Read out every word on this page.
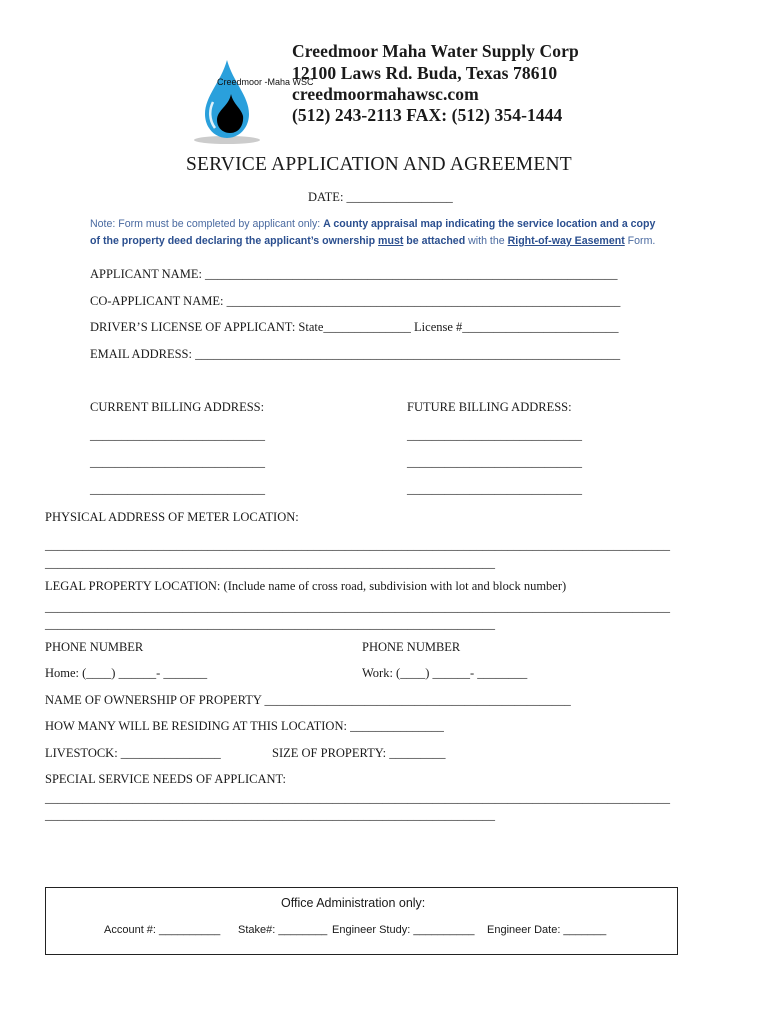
Creedmoor -Maha WSC

Creedmoor Maha Water Supply Corp
12100 Laws Rd. Buda, Texas 78610
creedmoormahawsc.com
(512) 243-2113 FAX: (512) 354-1444
SERVICE APPLICATION AND AGREEMENT
DATE: _________________
Note: Form must be completed by applicant only: A county appraisal map indicating the service location and a copy
of the property deed declaring the applicant’s ownership must be attached with the Right-of-way Easement Form.
APPLICANT NAME: __________________________________________________________________
CO-APPLICANT NAME: _______________________________________________________________
DRIVER’S LICENSE OF APPLICANT: State______________ License #_________________________
EMAIL ADDRESS: ____________________________________________________________________
CURRENT BILLING ADDRESS:	FUTURE BILLING ADDRESS:
____________________________
____________________________
____________________________
____________________________
____________________________
____________________________
PHYSICAL ADDRESS OF METER LOCATION:
____________________________________________________________________________________________________
________________________________________________________________________
LEGAL PROPERTY LOCATION: (Include name of cross road, subdivision with lot and block number)
____________________________________________________________________________________________________
________________________________________________________________________
PHONE NUMBER	PHONE NUMBER
Home: (____) ______- _______	Work: (____) ______- ________
NAME OF OWNERSHIP OF PROPERTY _________________________________________________
HOW MANY WILL BE RESIDING AT THIS LOCATION: _______________
LIVESTOCK: ________________	SIZE OF PROPERTY: _________
SPECIAL SERVICE NEEDS OF APPLICANT:
____________________________________________________________________________________________________
________________________________________________________________________
Office Administration only:
Account #: __________ Stake#: ________ Engineer Study: __________ Engineer Date: _______
